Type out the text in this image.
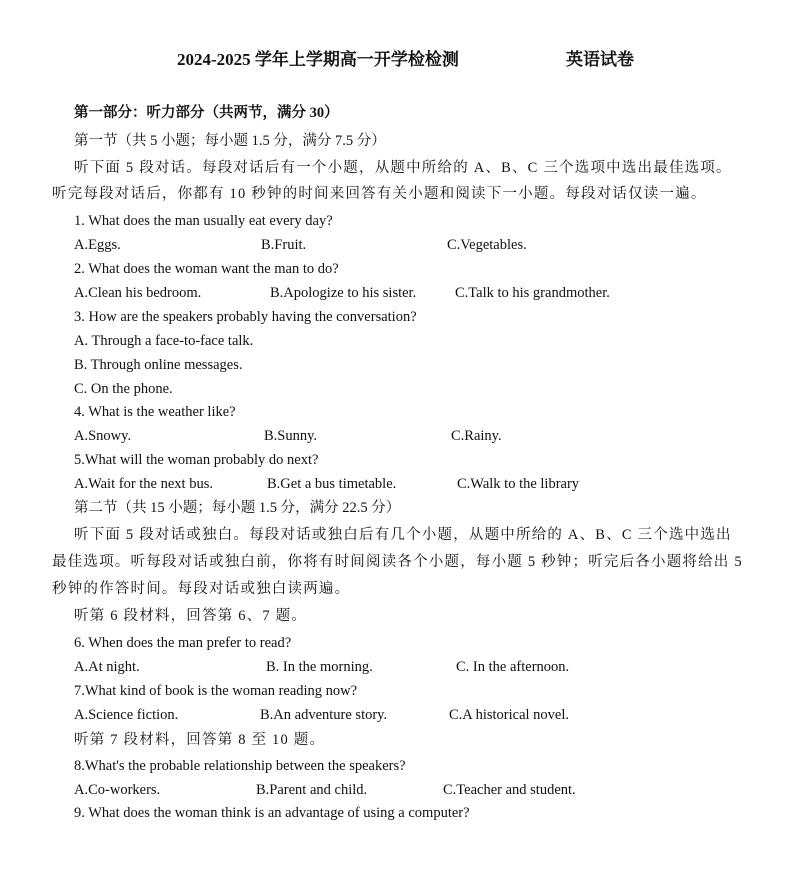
2024-2025 学年上学期高一开学检检测	英语试卷
第一部分：听力部分（共两节，满分 30）
第一节（共 5 小题；每小题 1.5 分，满分 7.5 分）
听下面 5 段对话。每段对话后有一个小题，从题中所给的 A、B、C 三个选项中选出最佳选项。
听完每段对话后，你都有 10 秒钟的时间来回答有关小题和阅读下一小题。每段对话仅读一遍。
1. What does the man usually eat every day?
A.Eggs.	B.Fruit.	C.Vegetables.
2. What does the woman want the man to do?
A.Clean his bedroom.	B.Apologize to his sister.	C.Talk to his grandmother.
3. How are the speakers probably having the conversation?
A. Through a face-to-face talk.
B. Through online messages.
C. On the phone.
4. What is the weather like?
A.Snowy.	B.Sunny.	C.Rainy.
5.What will the woman probably do next?
A.Wait for the next bus.	B.Get a bus timetable.	C.Walk to the library
第二节（共 15 小题；每小题 1.5 分，满分 22.5 分）
听下面 5 段对话或独白。每段对话或独白后有几个小题，从题中所给的 A、B、C 三个选中选出
最佳选项。听每段对话或独白前，你将有时间阅读各个小题，每小题 5 秒钟；听完后各小题将给出 5
秒钟的作答时间。每段对话或独白读两遍。
听第 6 段材料，回答第 6、7 题。
6. When does the man prefer to read?
A.At night.	B. In the morning.	C. In the afternoon.
7.What kind of book is the woman reading now?
A.Science fiction.	B.An adventure story.	C.A historical novel.
听第 7 段材料，回答第 8 至 10 题。
8.What's the probable relationship between the speakers?
A.Co-workers.	B.Parent and child.	C.Teacher and student.
9. What does the woman think is an advantage of using a computer?
